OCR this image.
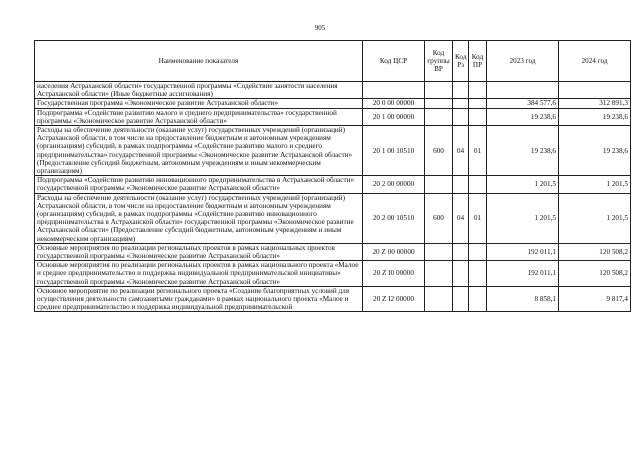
905
Наименование показателя	Код ЦСР	Код группы ВР	Код Рз	Код ПР	2023 год	2024 год
населения Астраханской области» государственной программы «Содействие занятости населения Астраханской области» (Иные бюджетные ассигнования)						
Государственная программа «Экономическое развитие Астраханской области»	20 0 00 00000				384 577,6	312 891,3
Подпрограмма «Содействие развитию малого и среднего предпринимательства» государственной программы «Экономическое развитие Астраханской области»	20 1 00 00000				19 238,6	19 238,6
Расходы на обеспечение деятельности (оказание услуг) государственных учреждений (организаций) Астраханской области, в том числе на предоставление бюджетным и автономным учреждениям (организациям) субсидий, в рамках подпрограммы «Содействие развитию малого и среднего предпринимательства» государственной программы «Экономическое развитие Астраханской области» (Предоставление субсидий бюджетным, автономным учреждениям и иным некоммерческим организациям)	20 1 00 10510	600	04	01	19 238,6	19 238,6
Подпрограмма «Содействие развитию инновационного предпринимательства в Астраханской области» государственной программы «Экономическое развитие Астраханской области»	20 2 00 00000				1 201,5	1 201,5
Расходы на обеспечение деятельности (оказание услуг) государственных учреждений (организаций) Астраханской области, в том числе на предоставление бюджетным и автономным учреждениям (организациям) субсидий, в рамках подпрограммы «Содействие развитию инновационного предпринимательства в Астраханской области» государственной программы «Экономическое развитие Астраханской области» (Предоставление субсидий бюджетным, автономным учреждениям и иным некоммерческим организациям)	20 2 00 10510	600	04	01	1 201,5	1 201,5
Основные мероприятия по реализации региональных проектов в рамках национальных проектов государственной программы «Экономическое развитие Астраханской области»	20 Z 00 00000				192 011,1	120 508,2
Основные мероприятия по реализации региональных проектов в рамках национального проекта «Малое и среднее предпринимательство и поддержка индивидуальной предпринимательской инициативы» государственной программы «Экономическое развитие Астраханской области»	20 Z I0 00000				192 011,1	120 508,2
Основное мероприятие по реализации регионального проекта «Создание благоприятных условий для осуществления деятельности самозанятыми гражданами» в рамках национального проекта «Малое и среднее предпринимательство и поддержка индивидуальной предпринимательской	20 Z I2 00000				8 858,1	9 817,4
